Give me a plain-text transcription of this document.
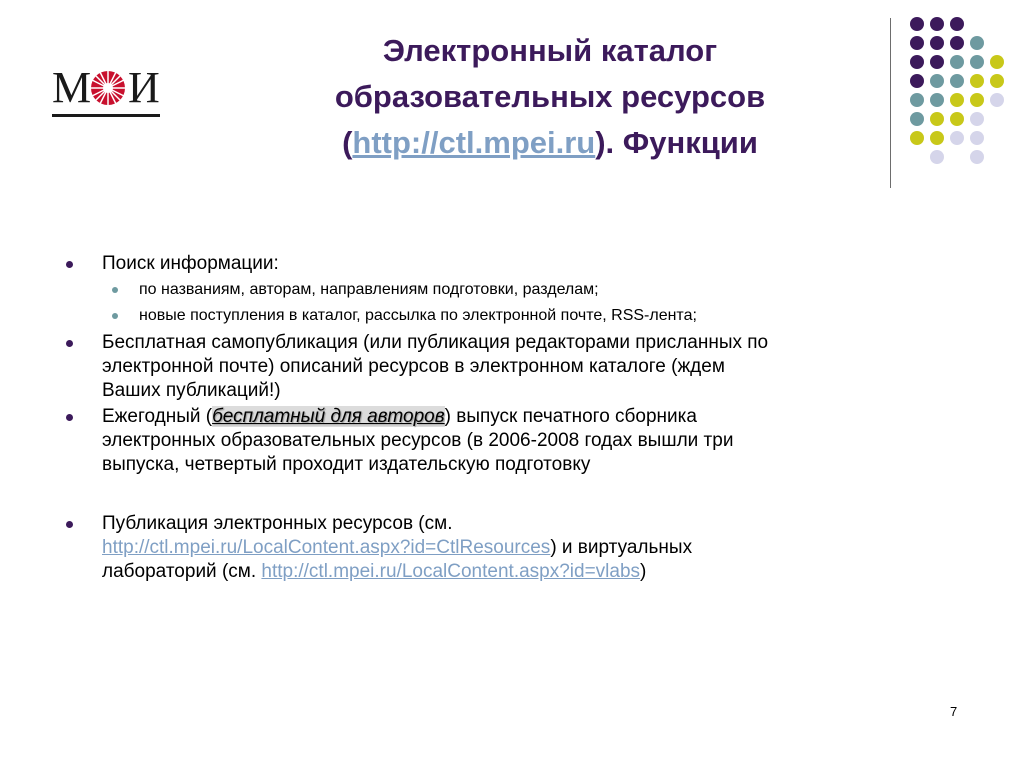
М И
Электронный каталог
образовательных ресурсов
(http://ctl.mpei.ru). Функции
Поиск информации:
по названиям, авторам, направлениям подготовки, разделам;
новые поступления в каталог, рассылка по электронной почте, RSS-лента;
Бесплатная самопубликация (или публикация редакторами присланных по
электронной почте) описаний ресурсов в электронном каталоге (ждем
Ваших публикаций!)
Ежегодный (бесплатный для авторов) выпуск печатного сборника
электронных образовательных ресурсов (в 2006-2008 годах вышли три
выпуска, четвертый проходит издательскую подготовку
Публикация электронных ресурсов (см.
http://ctl.mpei.ru/LocalContent.aspx?id=CtlResources) и виртуальных
лабораторий (см. http://ctl.mpei.ru/LocalContent.aspx?id=vlabs)
7
